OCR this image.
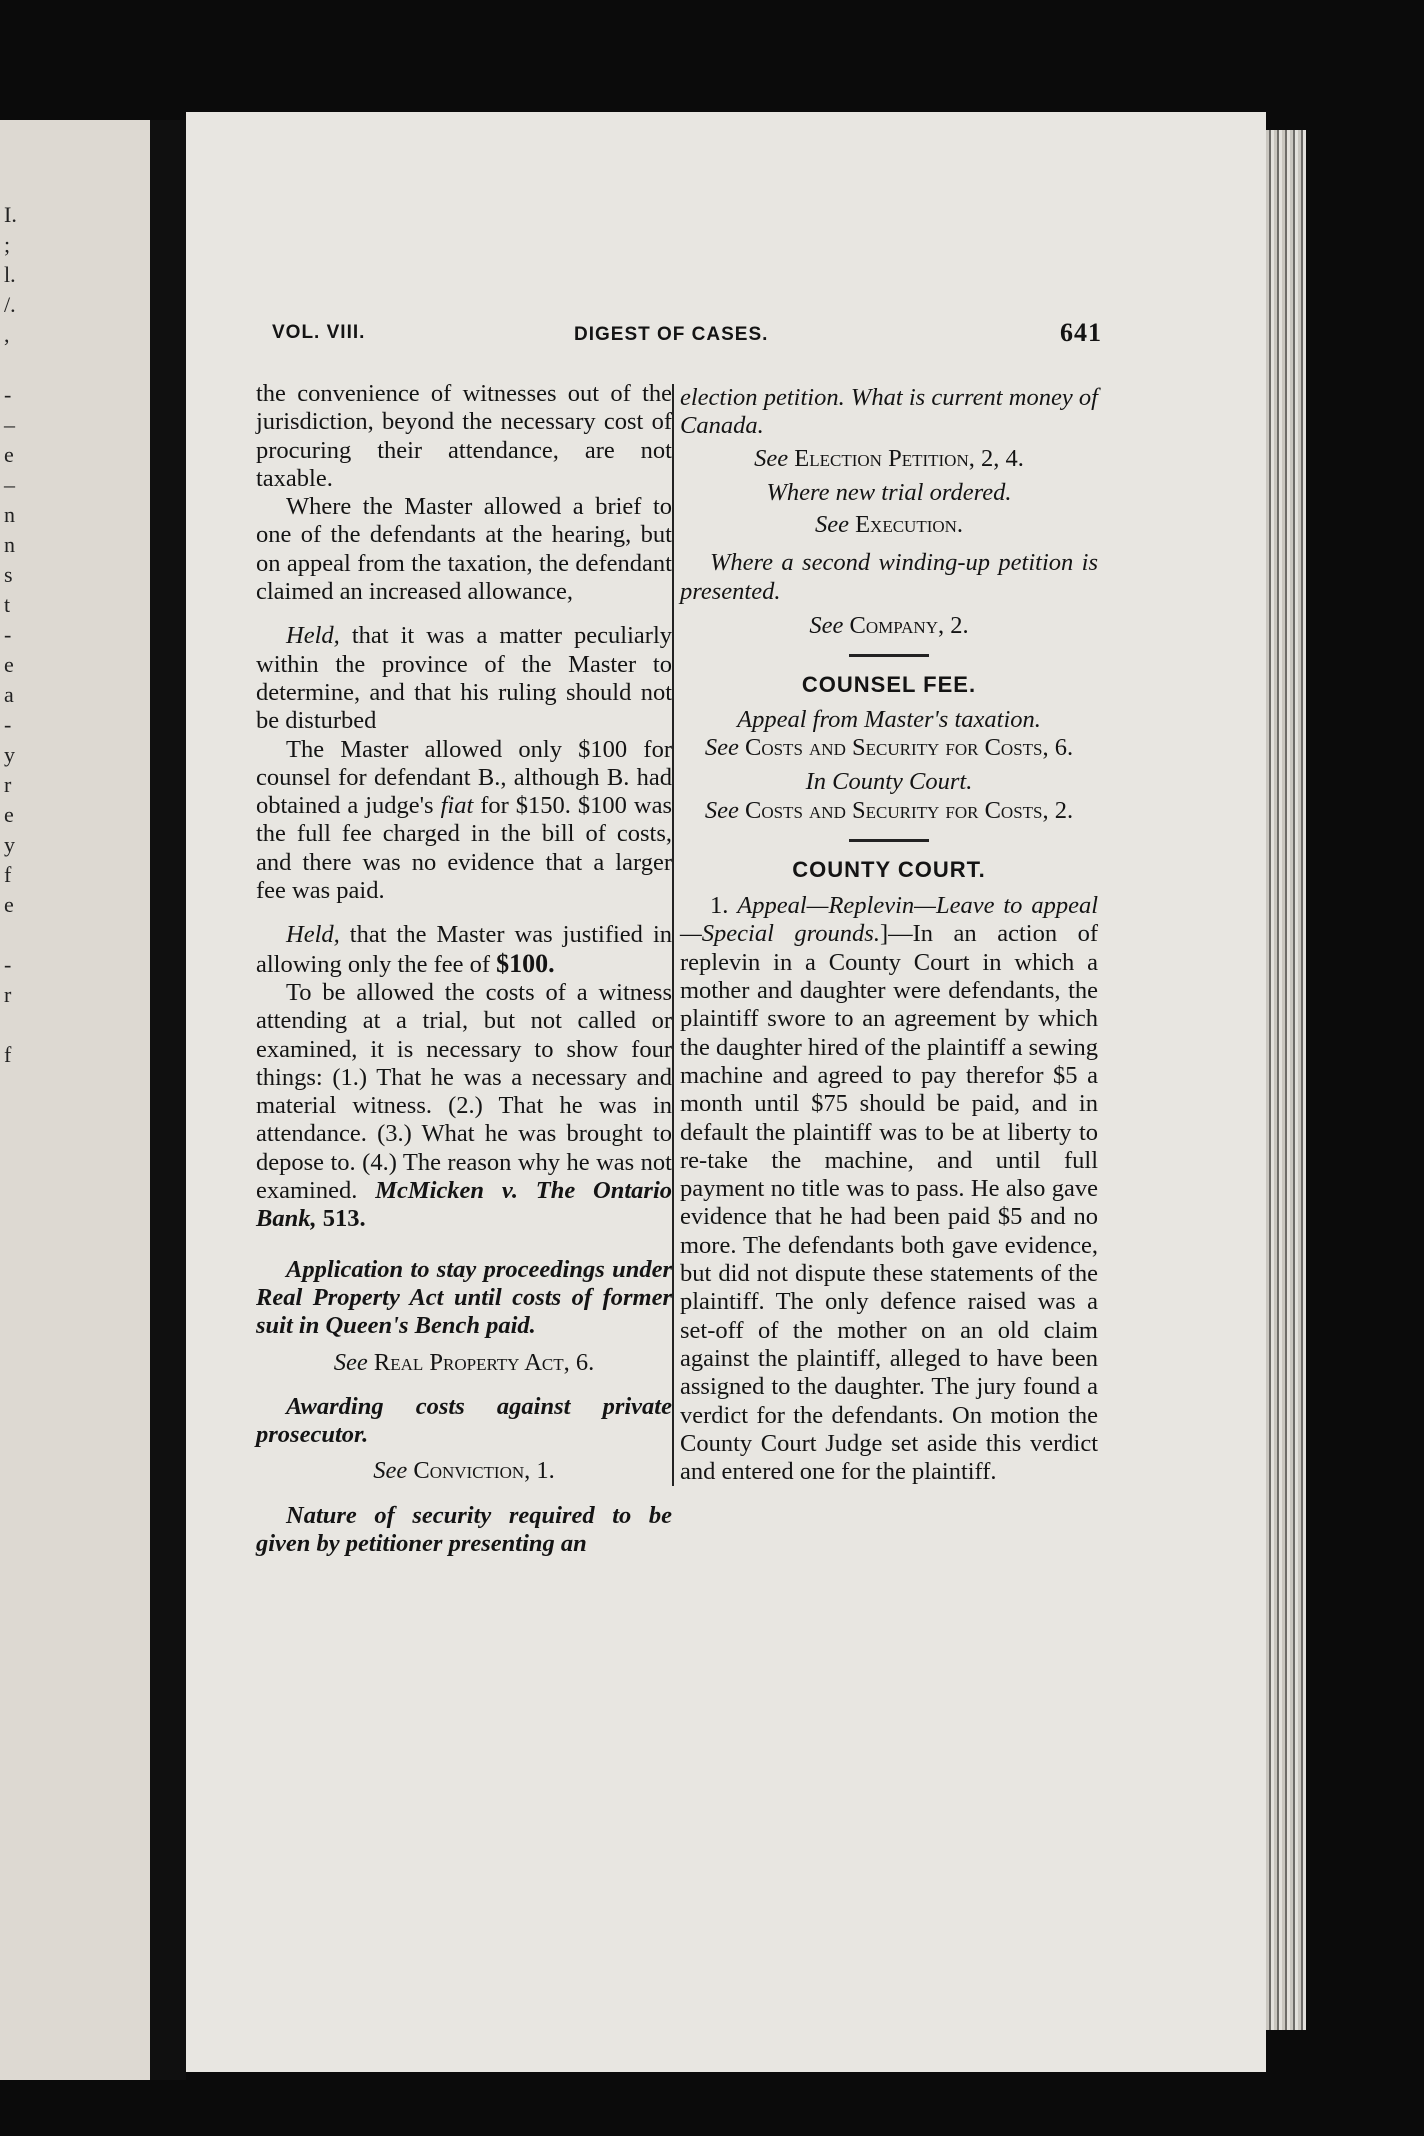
I.
;
l.
/.
,
-
–
e
–
n
n
s
t
-
e
a
-
y
r
e
y
f
e
-
r
f
VOL. VIII.	DIGEST OF CASES.	641

the convenience of witnesses out of the jurisdiction, beyond the necessary cost of procuring their attendance, are not taxable.

Where the Master allowed a brief to one of the defendants at the hearing, but on appeal from the taxation, the defendant claimed an increased allowance,

Held, that it was a matter peculiarly within the province of the Master to determine, and that his ruling should not be disturbed

The Master allowed only $100 for counsel for defendant B., although B. had obtained a judge's fiat for $150. $100 was the full fee charged in the bill of costs, and there was no evidence that a larger fee was paid.

Held, that the Master was justified in allowing only the fee of $100.

To be allowed the costs of a witness attending at a trial, but not called or examined, it is necessary to show four things: (1.) That he was a necessary and material witness. (2.) That he was in attendance. (3.) What he was brought to depose to. (4.) The reason why he was not examined. McMicken v. The Ontario Bank, 513.

Application to stay proceedings under Real Property Act until costs of former suit in Queen's Bench paid.

See Real Property Act, 6.

Awarding costs against private prosecutor.

See Conviction, 1.

Nature of security required to be given by petitioner presenting an

election petition. What is current money of Canada.

See Election Petition, 2, 4.

Where new trial ordered.

See Execution.

Where a second winding-up petition is presented.

See Company, 2.

COUNSEL FEE.

Appeal from Master's taxation.

See Costs and Security for Costs, 6.

In County Court.

See Costs and Security for Costs, 2.

COUNTY COURT.

1. Appeal—Replevin—Leave to appeal—Special grounds.]—In an action of replevin in a County Court in which a mother and daughter were defendants, the plaintiff swore to an agreement by which the daughter hired of the plaintiff a sewing machine and agreed to pay therefor $5 a month until $75 should be paid, and in default the plaintiff was to be at liberty to re-take the machine, and until full payment no title was to pass. He also gave evidence that he had been paid $5 and no more. The defendants both gave evidence, but did not dispute these statements of the plaintiff. The only defence raised was a set-off of the mother on an old claim against the plaintiff, alleged to have been assigned to the daughter. The jury found a verdict for the defendants. On motion the County Court Judge set aside this verdict and entered one for the plaintiff.
